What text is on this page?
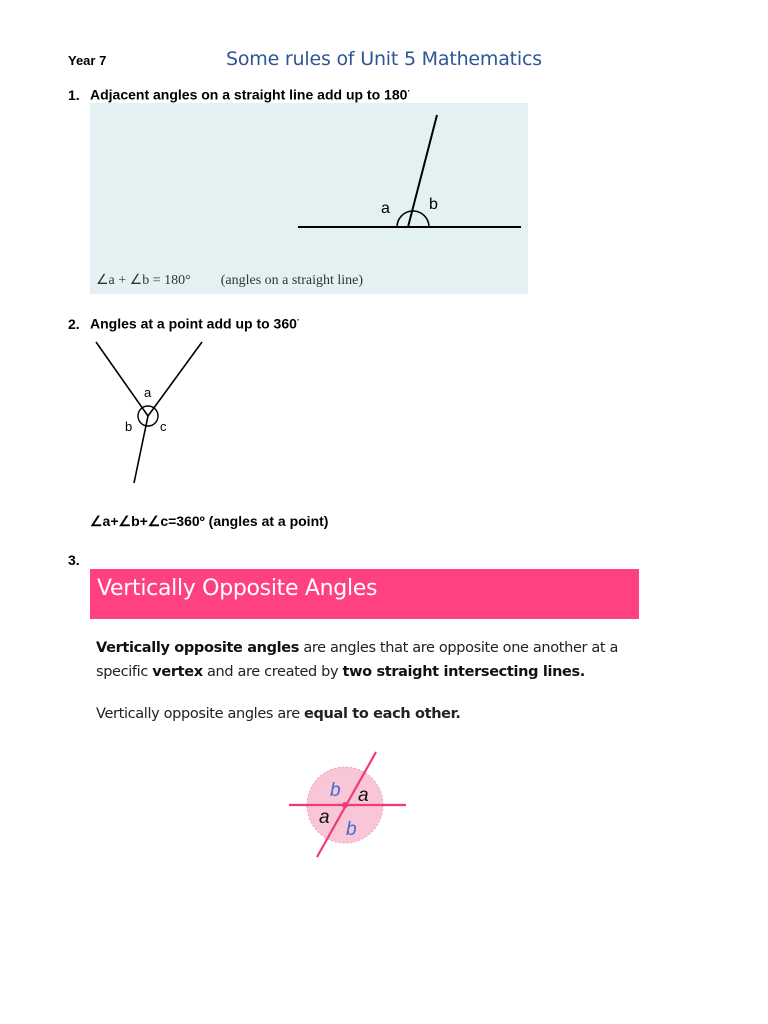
Year 7	Some rules of Unit 5 Mathematics
1. Adjacent angles on a straight line add up to 180·
a b
∠a + ∠b = 180° (angles on a straight line)
2. Angles at a point add up to 360·
a
b c
∠a+∠b+∠c=360º (angles at a point)
3.
Vertically Opposite Angles
Vertically opposite angles are angles that are opposite one another at a specific vertex and are created by two straight intersecting lines.
Vertically opposite angles are equal to each other.
b a
a
b
